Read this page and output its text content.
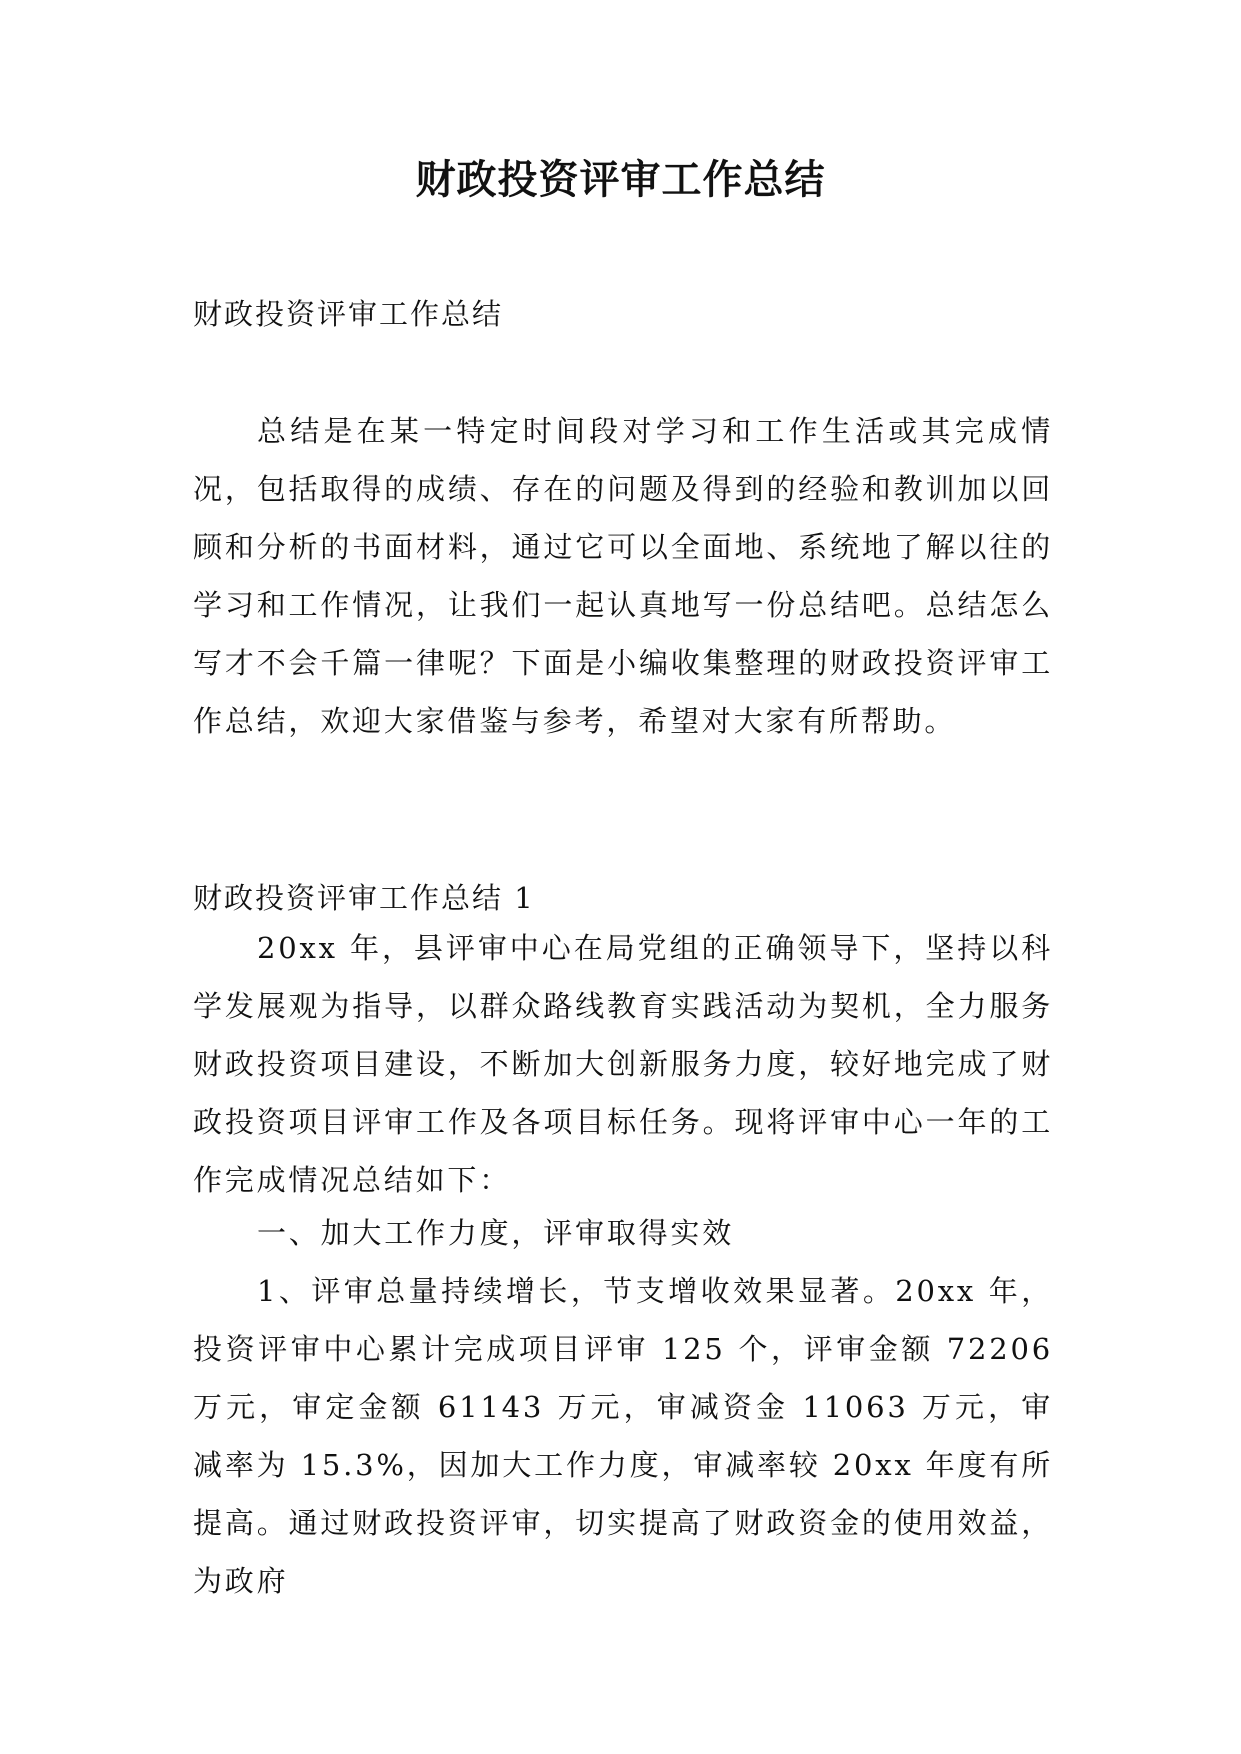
财政投资评审工作总结
财政投资评审工作总结

总结是在某一特定时间段对学习和工作生活或其完成情况，包括取得的成绩、存在的问题及得到的经验和教训加以回顾和分析的书面材料，通过它可以全面地、系统地了解以往的学习和工作情况，让我们一起认真地写一份总结吧。总结怎么写才不会千篇一律呢？下面是小编收集整理的财政投资评审工作总结，欢迎大家借鉴与参考，希望对大家有所帮助。

财政投资评审工作总结 1

20xx 年，县评审中心在局党组的正确领导下，坚持以科学发展观为指导，以群众路线教育实践活动为契机，全力服务财政投资项目建设，不断加大创新服务力度，较好地完成了财政投资项目评审工作及各项目标任务。现将评审中心一年的工作完成情况总结如下：

一、加大工作力度，评审取得实效

1、评审总量持续增长，节支增收效果显著。20xx 年，投资评审中心累计完成项目评审 125 个，评审金额 72206 万元，审定金额 61143 万元，审减资金 11063 万元，审减率为 15.3%，因加大工作力度，审减率较 20xx 年度有所提高。通过财政投资评审，切实提高了财政资金的使用效益，为政府
